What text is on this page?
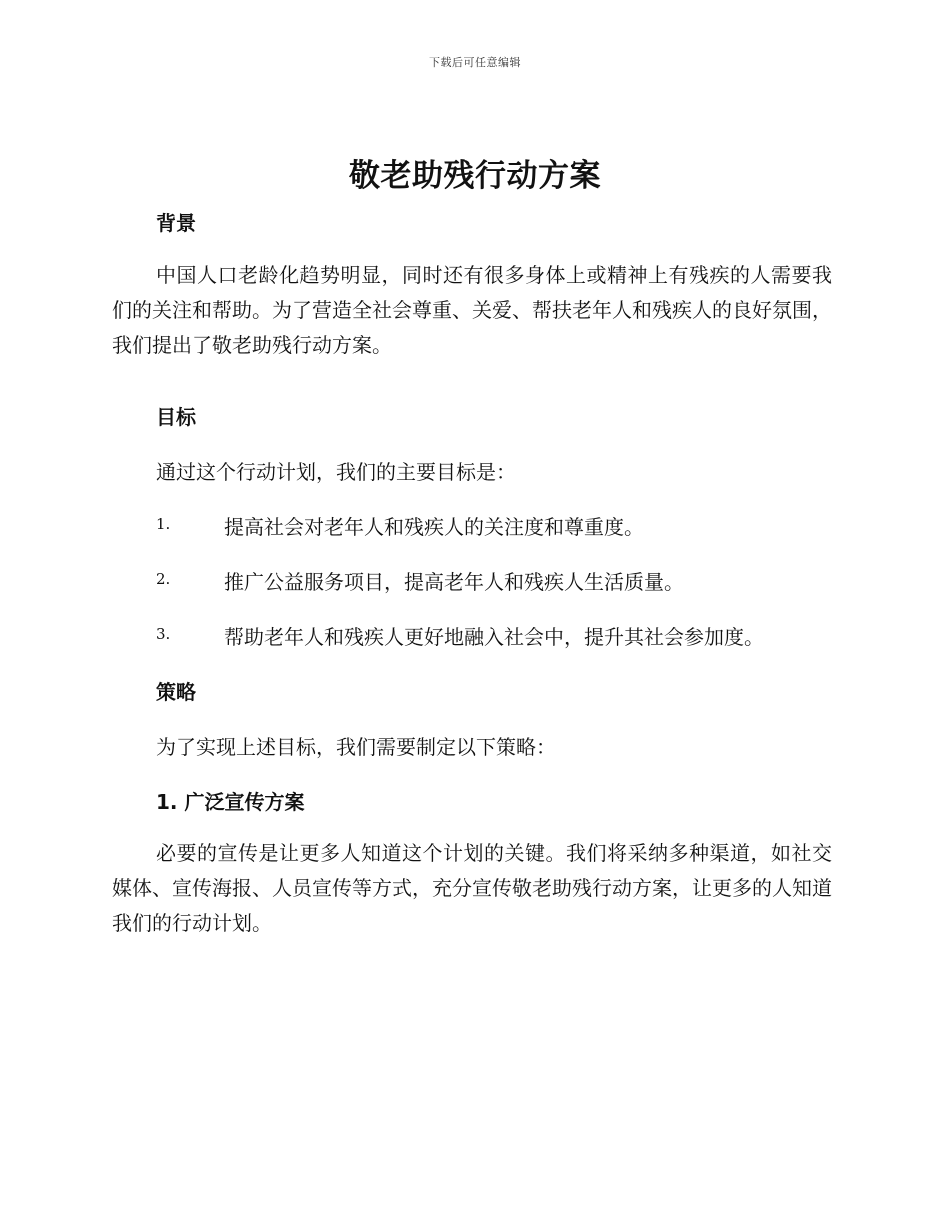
下载后可任意编辑
敬老助残行动方案
背景

中国人口老龄化趋势明显，同时还有很多身体上或精神上有残疾的人需要我们的关注和帮助。为了营造全社会尊重、关爱、帮扶老年人和残疾人的良好氛围，我们提出了敬老助残行动方案。

目标

通过这个行动计划，我们的主要目标是：

1.	提高社会对老年人和残疾人的关注度和尊重度。
2.	推广公益服务项目，提高老年人和残疾人生活质量。
3.	帮助老年人和残疾人更好地融入社会中，提升其社会参加度。
策略

为了实现上述目标，我们需要制定以下策略：

1. 广泛宣传方案

必要的宣传是让更多人知道这个计划的关键。我们将采纳多种渠道，如社交媒体、宣传海报、人员宣传等方式，充分宣传敬老助残行动方案，让更多的人知道我们的行动计划。
